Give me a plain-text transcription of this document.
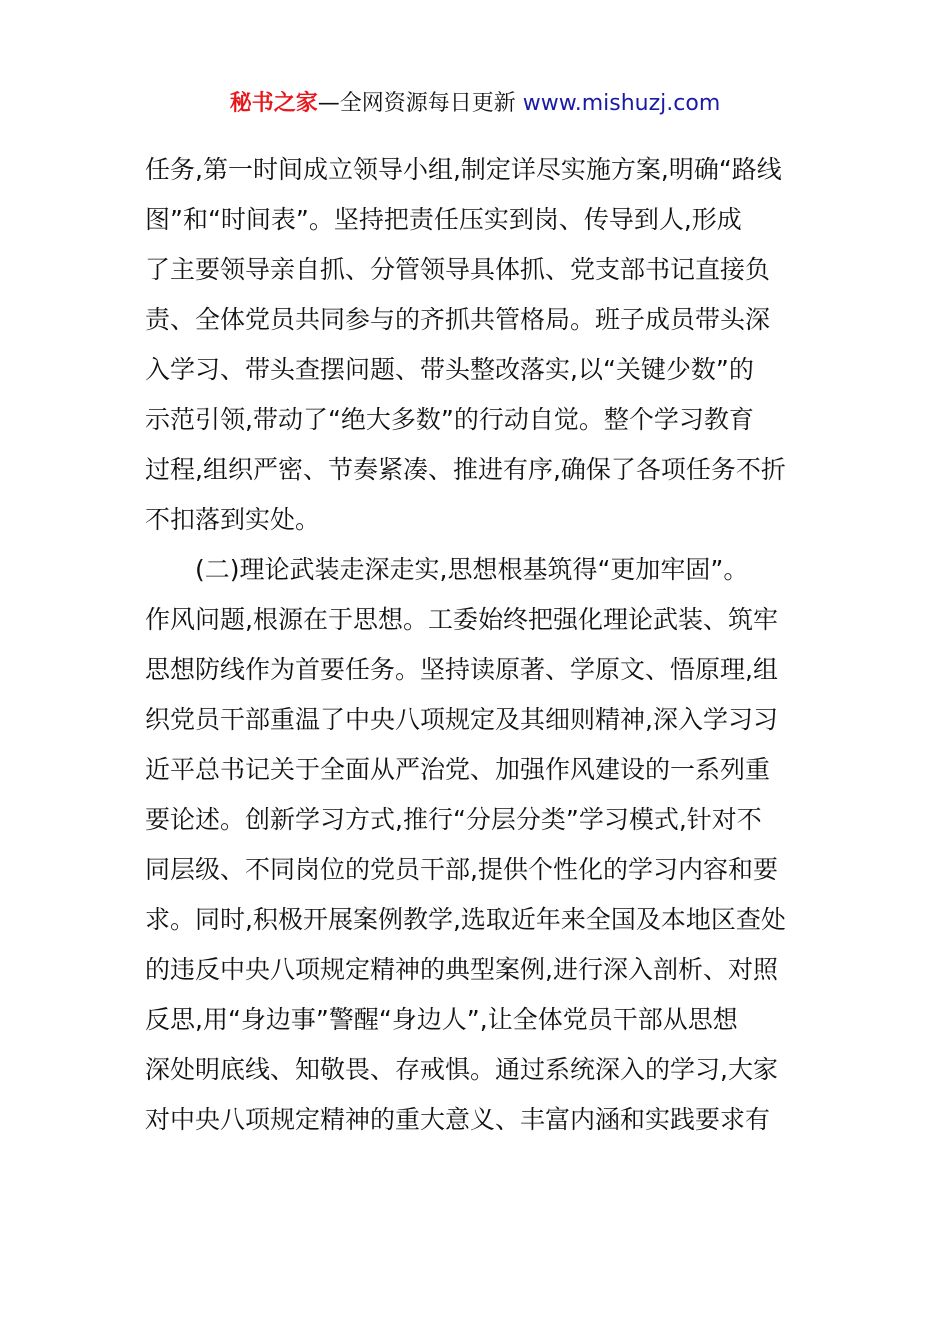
秘书之家—全网资源每日更新 www.mishuzj.com
任务,第一时间成立领导小组,制定详尽实施方案,明确“路线
图”和“时间表”。坚持把责任压实到岗、传导到人,形成
了主要领导亲自抓、分管领导具体抓、党支部书记直接负
责、全体党员共同参与的齐抓共管格局。班子成员带头深
入学习、带头查摆问题、带头整改落实,以“关键少数”的
示范引领,带动了“绝大多数”的行动自觉。整个学习教育
过程,组织严密、节奏紧凑、推进有序,确保了各项任务不折
不扣落到实处。
(二)理论武装走深走实,思想根基筑得“更加牢固”。
作风问题,根源在于思想。工委始终把强化理论武装、筑牢
思想防线作为首要任务。坚持读原著、学原文、悟原理,组
织党员干部重温了中央八项规定及其细则精神,深入学习习
近平总书记关于全面从严治党、加强作风建设的一系列重
要论述。创新学习方式,推行“分层分类”学习模式,针对不
同层级、不同岗位的党员干部,提供个性化的学习内容和要
求。同时,积极开展案例教学,选取近年来全国及本地区查处
的违反中央八项规定精神的典型案例,进行深入剖析、对照
反思,用“身边事”警醒“身边人”,让全体党员干部从思想
深处明底线、知敬畏、存戒惧。通过系统深入的学习,大家
对中央八项规定精神的重大意义、丰富内涵和实践要求有
